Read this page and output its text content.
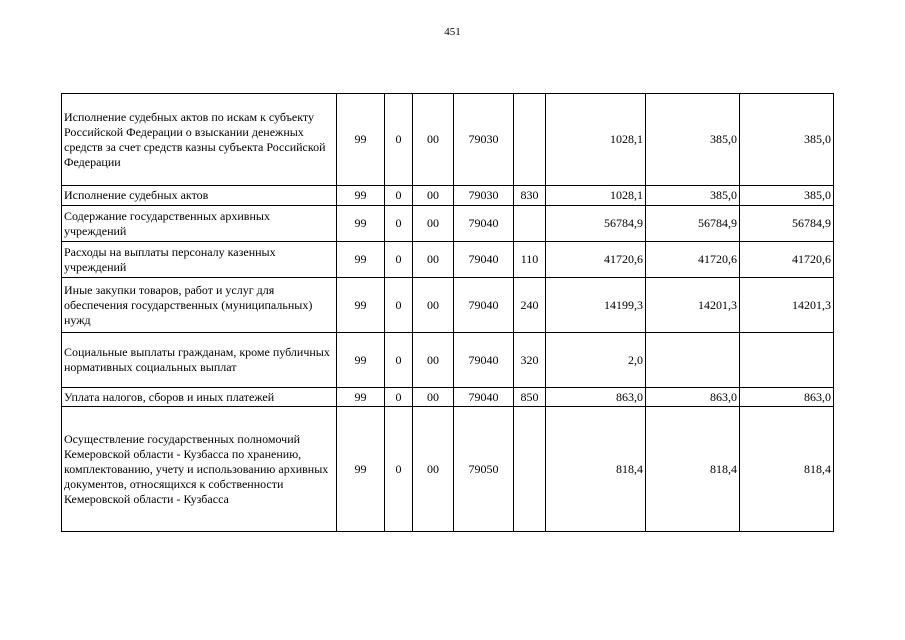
451
Исполнение судебных актов по искам к субъекту Российской Федерации о взыскании денежных средств за счет средств казны субъекта Российской Федерации	99	0	00	79030		1028,1	385,0	385,0
Исполнение судебных актов	99	0	00	79030	830	1028,1	385,0	385,0
Содержание государственных архивных учреждений	99	0	00	79040		56784,9	56784,9	56784,9
Расходы на выплаты персоналу казенных учреждений	99	0	00	79040	110	41720,6	41720,6	41720,6
Иные закупки товаров, работ и услуг для обеспечения государственных (муниципальных) нужд	99	0	00	79040	240	14199,3	14201,3	14201,3
Социальные выплаты гражданам, кроме публичных нормативных социальных выплат	99	0	00	79040	320	2,0		
Уплата налогов, сборов и иных платежей	99	0	00	79040	850	863,0	863,0	863,0
Осуществление государственных полномочий Кемеровской области - Кузбасса по хранению, комплектованию, учету и использованию архивных документов, относящихся к собственности Кемеровской области - Кузбасса	99	0	00	79050		818,4	818,4	818,4
